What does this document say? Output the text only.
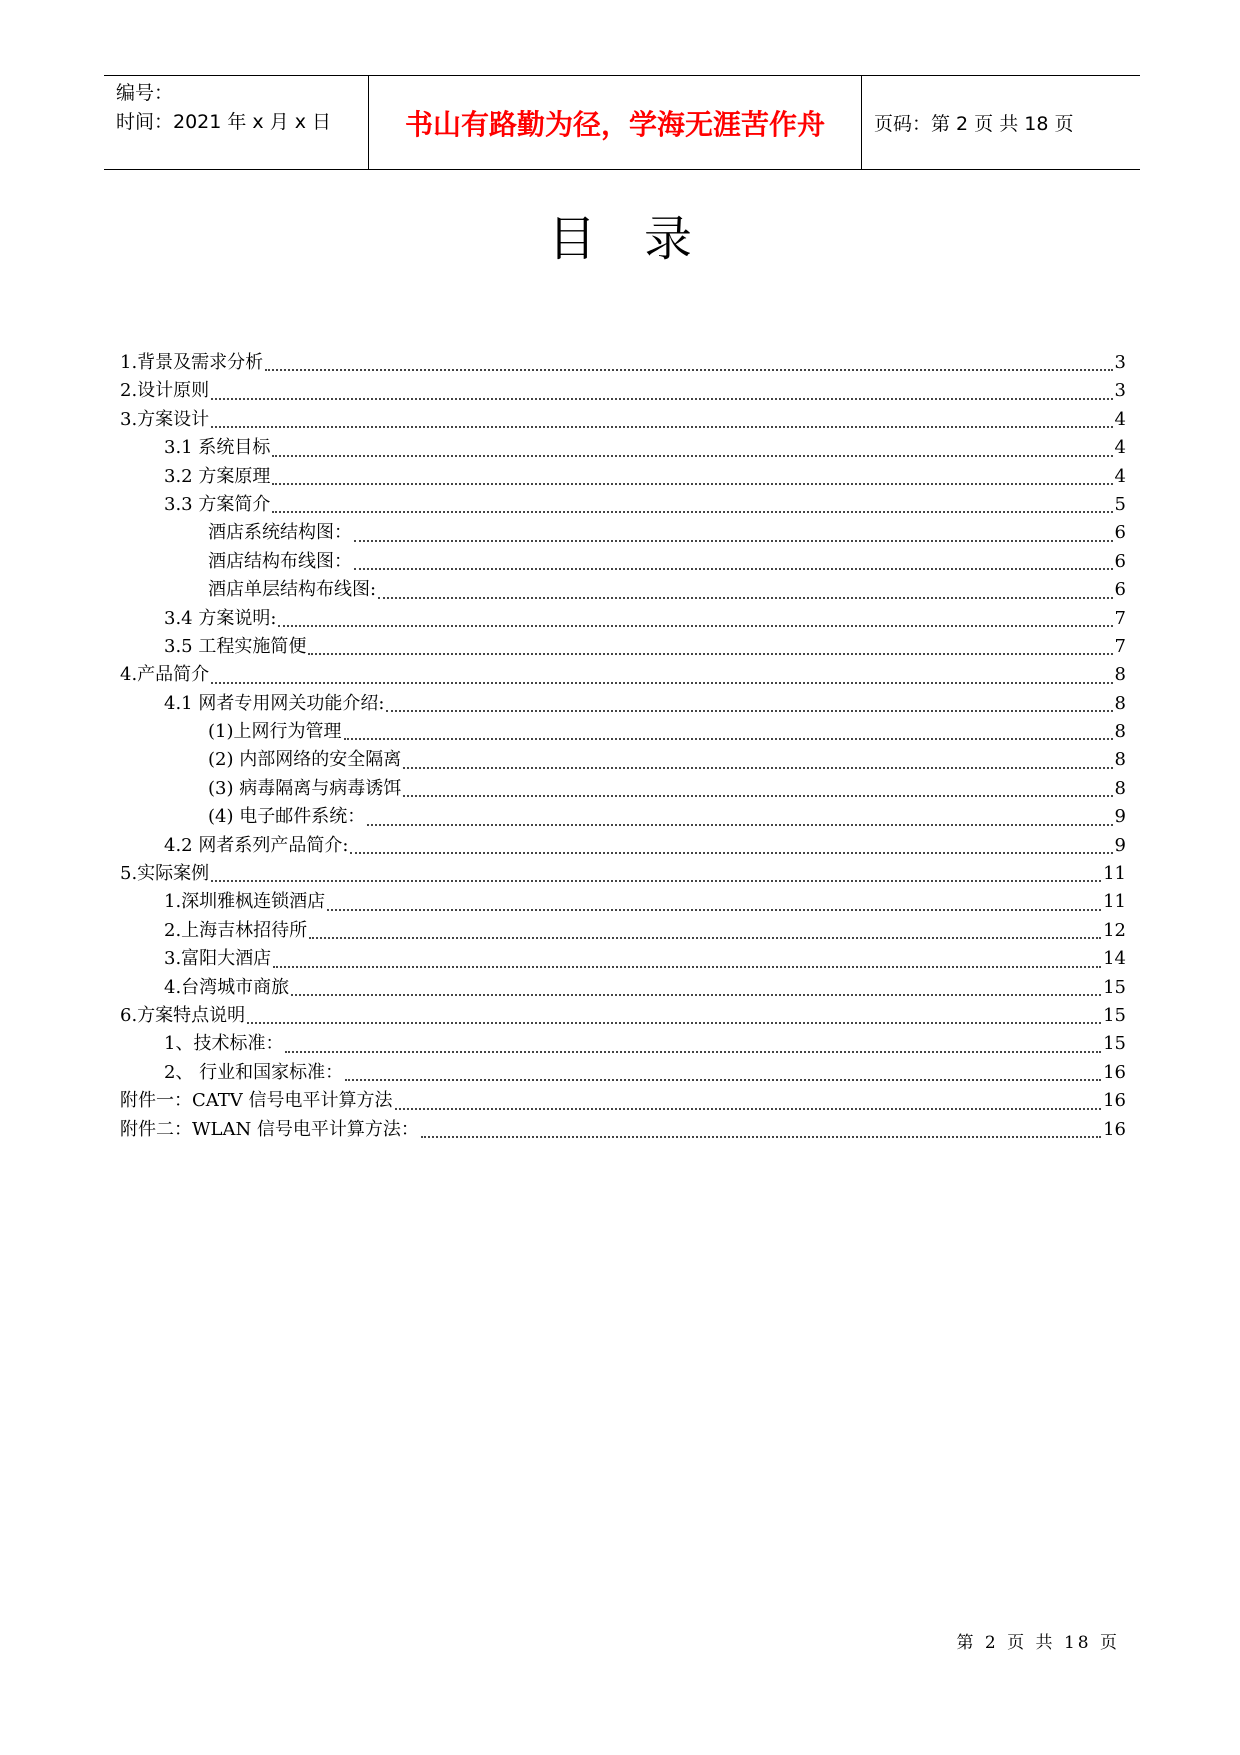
编号：
时间：2021 年 x 月 x 日	书山有路勤为径，学海无涯苦作舟	页码：第 2 页 共 18 页
目录
1.背景及需求分析	3
2.设计原则	3
3.方案设计	4
3.1 系统目标	4
3.2 方案原理	4
3.3 方案简介	5
酒店系统结构图：	6
酒店结构布线图：	6
酒店单层结构布线图:	6
3.4 方案说明:	7
3.5 工程实施简便	7
4.产品简介	8
4.1 网者专用网关功能介绍:	8
(1)上网行为管理	8
(2) 内部网络的安全隔离	8
(3) 病毒隔离与病毒诱饵	8
(4) 电子邮件系统：	9
4.2 网者系列产品简介:	9
5.实际案例	11
1.深圳雅枫连锁酒店	11
2.上海吉林招待所	12
3.富阳大酒店	14
4.台湾城市商旅	15
6.方案特点说明	15
1、技术标准：	15
2、 行业和国家标准：	16
附件一：CATV 信号电平计算方法	16
附件二：WLAN 信号电平计算方法：	16
第 2 页 共 18 页
